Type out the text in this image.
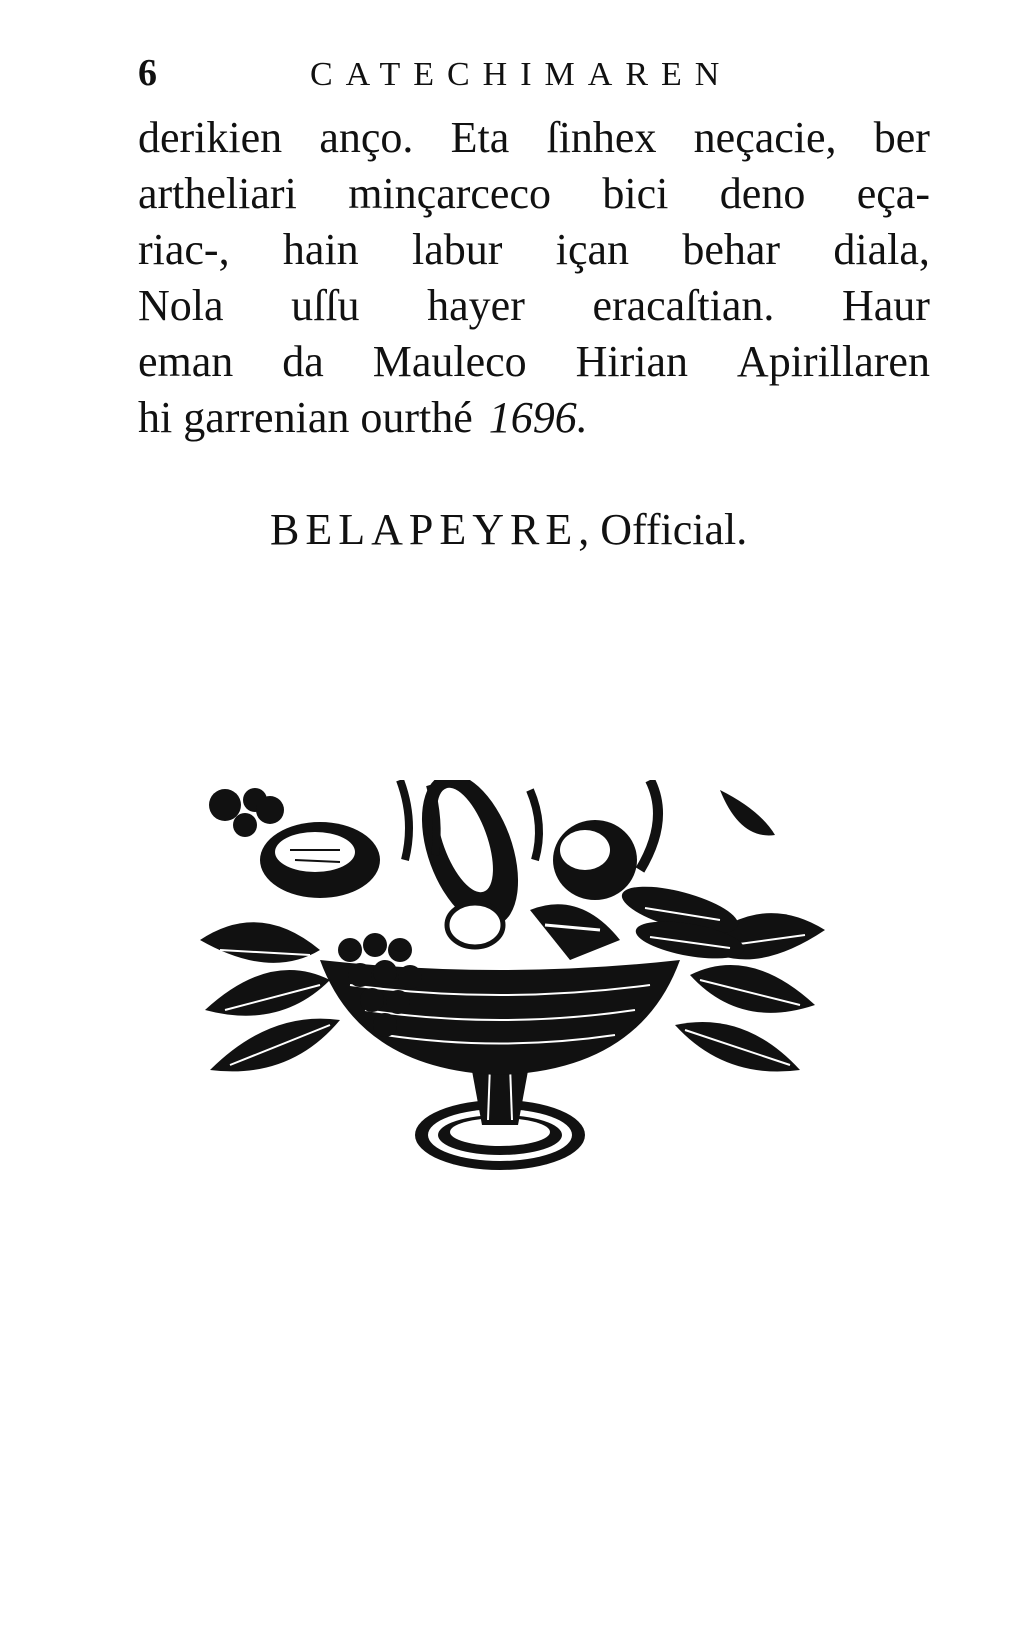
6	CATECHIMAREN
derikien anço. Eta ſinhex neçacie, ber
artheliari minçarceco bici deno eça-
riac-, hain labur içan behar diala,
Nola uſſu hayer eracaſtian. Haur
eman da Mauleco Hirian Apirillaren
hi garrenian ourthé 1696.
BELAPEYRE, Official.
